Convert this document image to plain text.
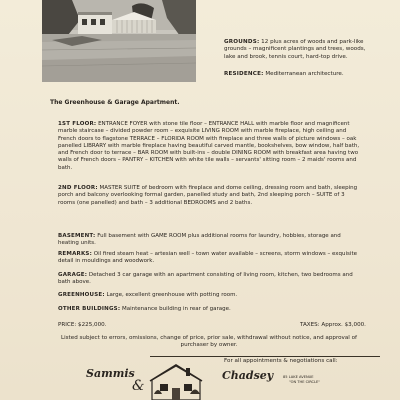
GROUNDS: 12 plus acres of woods and park-like grounds – magnificent plantings and trees, woods, lake and brook, tennis court, hard-top drive.
RESIDENCE: Mediterranean architecture.
The Greenhouse & Garage Apartment.
1ST FLOOR: ENTRANCE FOYER with stone tile floor – ENTRANCE HALL with marble floor and magnificent marble staircase – divided powder room – exquisite LIVING ROOM with marble fireplace, high ceiling and French doors to flagstone TERRACE – FLORIDA ROOM with fireplace and three walls of picture windows – oak panelled LIBRARY with marble fireplace having beautiful carved mantle, bookshelves, bow window, half bath, and French door to terrace – BAR ROOM with built-ins – double DINING ROOM with breakfast area having two walls of French doors – PANTRY – KITCHEN with white tile walls – servants' sitting room – 2 maids' rooms and bath.
2ND FLOOR: MASTER SUITE of bedroom with fireplace and dome ceiling, dressing room and bath, sleeping porch and balcony overlooking formal garden, panelled study and bath, 2nd sleeping porch – SUITE of 3 rooms (one panelled) and bath – 3 additional BEDROOMS and 2 baths.
BASEMENT: Full basement with GAME ROOM plus additional rooms for laundry, hobbies, storage and heating units.
REMARKS: Oil fired steam heat – artesian well – town water available – screens, storm windows – exquisite detail in mouldings and woodwork.
GARAGE: Detached 3 car garage with an apartment consisting of living room, kitchen, two bedrooms and bath above.
GREENHOUSE: Large, excellent greenhouse with potting room.
OTHER BUILDINGS: Maintenance building in rear of garage.
PRICE: $225,000.	TAXES: Approx. $3,000.
Listed subject to errors, omissions, change of price, prior sale, withdrawal without notice, and approval of purchaser by owner.
For all appointments & negotiations call:
Sammis
&
Chadsey	85 LAKE AVENUE
"ON THE CIRCLE"
